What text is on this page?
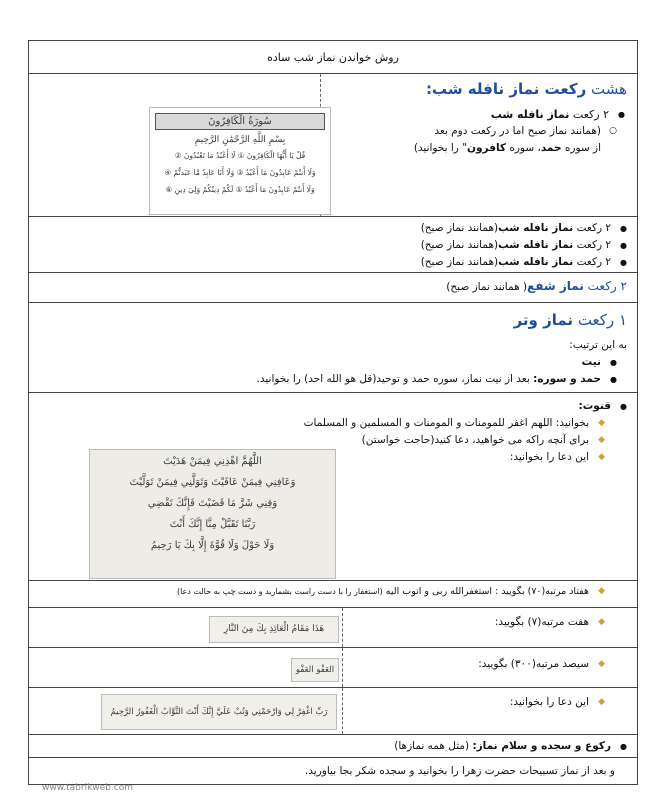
روش خواندن نماز شب ساده
هشت رکعت نماز نافله شب:
● ۲ رکعت نماز نافله شب
○ (همانند نماز صبح اما در رکعت دوم بعد
از سوره حمد، سوره کافرون" را بخوانید)
سُورَةُ الْكَافِرُونَ
بِسْمِ اللَّهِ الرَّحْمَٰنِ الرَّحِيمِ
قُلْ يَا أَيُّهَا الْكَافِرُونَ ① لَا أَعْبُدُ مَا تَعْبُدُونَ ②
وَلَا أَنتُمْ عَابِدُونَ مَا أَعْبُدُ ③ وَلَا أَنَا عَابِدٌ مَّا عَبَدتُّمْ ④
وَلَا أَنتُمْ عَابِدُونَ مَا أَعْبُدُ ⑤ لَكُمْ دِينُكُمْ وَلِيَ دِينِ ⑥
● ۲ رکعت نماز نافله شب(همانند نماز صبح)
● ۲ رکعت نماز نافله شب(همانند نماز صبح)
● ۲ رکعت نماز نافله شب(همانند نماز صبح)
۲ رکعت نماز شفع( همانند نماز صبح)
۱ رکعت نماز وتر
به این ترتیب:
● نیت
● حمد و سوره: بعد از نیت نماز، سوره حمد و توحید(قل هو الله احد) را بخوانید.
● قنوت:
◆ بخوانید: اللهم اغفر للمومنات و المومنات و المسلمین و المسلمات
◆ برای آنچه راکه می خواهید، دعا کنید(حاجت خواستن)
◆ این دعا را بخوانید:
اللَّهُمَّ اهْدِنِي فِيمَنْ هَدَيْتَ
وَعَافِنِي فِيمَنْ عَافَيْتَ وَتَوَلَّنِي فِيمَنْ تَوَلَّيْتَ
وَقِنِي شَرَّ مَا قَضَيْتَ فَإِنَّكَ تَقْضِي
رَبَّنَا تَقَبَّلْ مِنَّا إِنَّكَ أَنْتَ
وَلَا حَوْلَ وَلَا قُوَّةَ إِلَّا بِكَ يَا رَحِيمُ
◆ هفتاد مرتبه(۷۰) بگویید : استغفرالله ربی و اتوب الیه (استغفار را با دست راست بشمارید و دست چپ به حالت دعا)
◆ هفت مرتبه(۷) بگویید:
هَذَا مَقَامُ الْعَائِذِ بِكَ مِنَ النَّارِ
◆ سیصد مرتبه(۳۰۰) بگویید:
العَفْو العَفْو
◆ این دعا را بخوانید:
رَبِّ اغْفِرْ لِي وَارْحَمْنِي وَتُبْ عَلَيَّ إِنَّكَ أَنْتَ التَّوَّابُ الْغَفُورُ الرَّحِيمُ
● رکوع و سجده و سلام نماز: (مثل همه نمازها)
و بعد از نماز تسبیحات حضرت زهرا را بخوانید و سجده شکر بجا بیاورید.
www.tabrikweb.com
